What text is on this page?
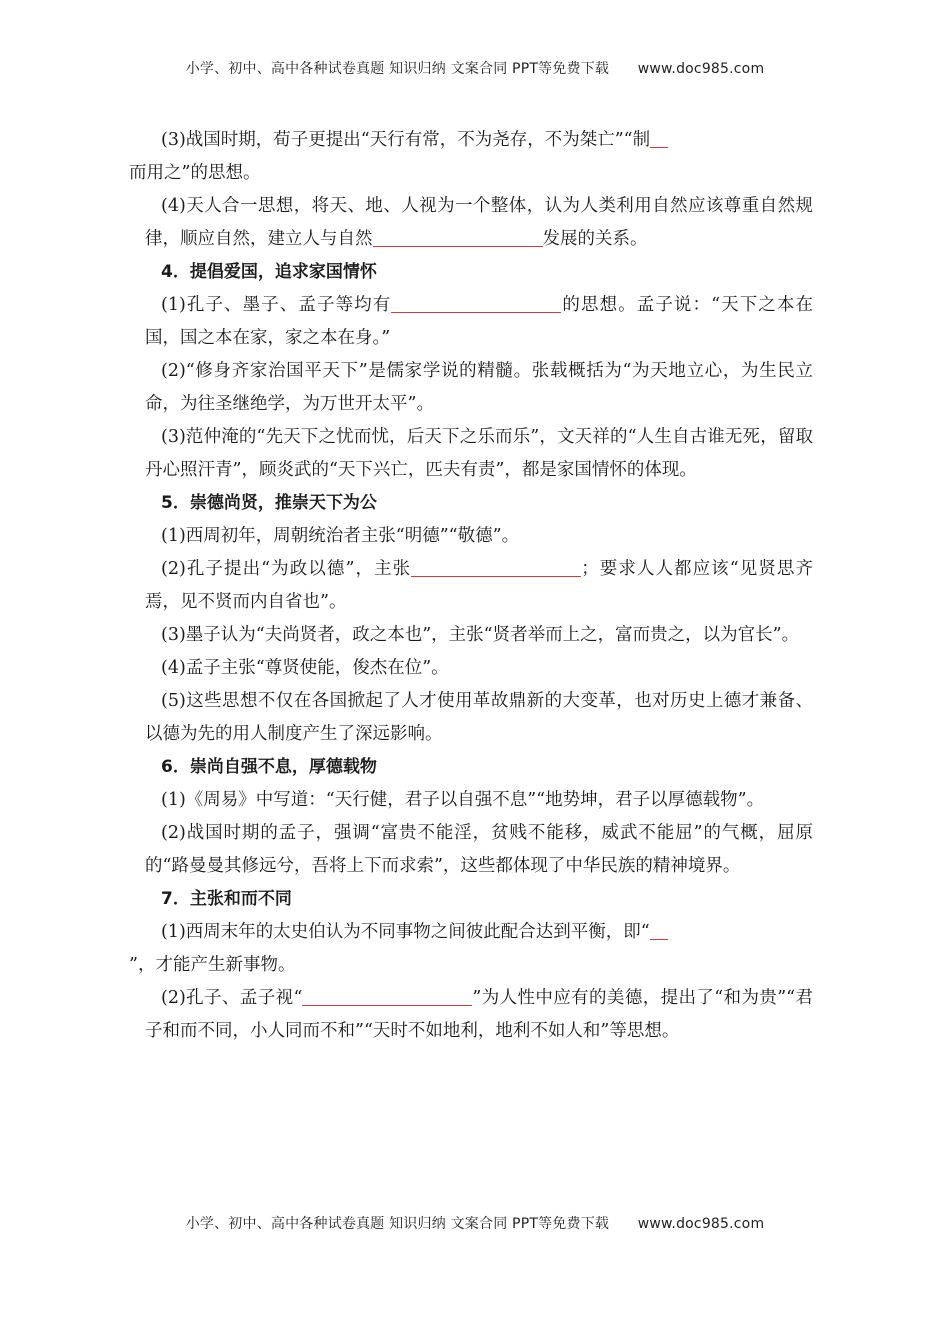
小学、初中、高中各种试卷真题 知识归纳 文案合同 PPT等免费下载 www.doc985.com

(3)战国时期，荀子更提出“天行有常，不为尧存，不为桀亡”“制
而用之”的思想。

(4)天人合一思想，将天、地、人视为一个整体，认为人类利用自然应该尊重自然规律，顺应自然，建立人与自然	发展的关系。

4．提倡爱国，追求家国情怀

(1)孔子、墨子、孟子等均有	的思想。孟子说：“天下之本在国，国之本在家，家之本在身。”

(2)“修身齐家治国平天下”是儒家学说的精髓。张载概括为“为天地立心，为生民立命，为往圣继绝学，为万世开太平”。

(3)范仲淹的“先天下之忧而忧，后天下之乐而乐”，文天祥的“人生自古谁无死，留取丹心照汗青”，顾炎武的“天下兴亡，匹夫有责”，都是家国情怀的体现。

5．崇德尚贤，推崇天下为公

(1)西周初年，周朝统治者主张“明德”“敬德”。

(2)孔子提出“为政以德”，主张	；要求人人都应该“见贤思齐焉，见不贤而内自省也”。

(3)墨子认为“夫尚贤者，政之本也”，主张“贤者举而上之，富而贵之，以为官长”。

(4)孟子主张“尊贤使能，俊杰在位”。

(5)这些思想不仅在各国掀起了人才使用革故鼎新的大变革，也对历史上德才兼备、以德为先的用人制度产生了深远影响。

6．崇尚自强不息，厚德载物

(1)《周易》中写道：“天行健，君子以自强不息”“地势坤，君子以厚德载物”。

(2)战国时期的孟子，强调“富贵不能淫，贫贱不能移，威武不能屈”的气概，屈原的“路曼曼其修远兮，吾将上下而求索”，这些都体现了中华民族的精神境界。

7．主张和而不同

(1)西周末年的太史伯认为不同事物之间彼此配合达到平衡，即“
”，才能产生新事物。

(2)孔子、孟子视“	”为人性中应有的美德，提出了“和为贵”“君子和而不同，小人同而不和”“天时不如地利，地利不如人和”等思想。

小学、初中、高中各种试卷真题 知识归纳 文案合同 PPT等免费下载 www.doc985.com
